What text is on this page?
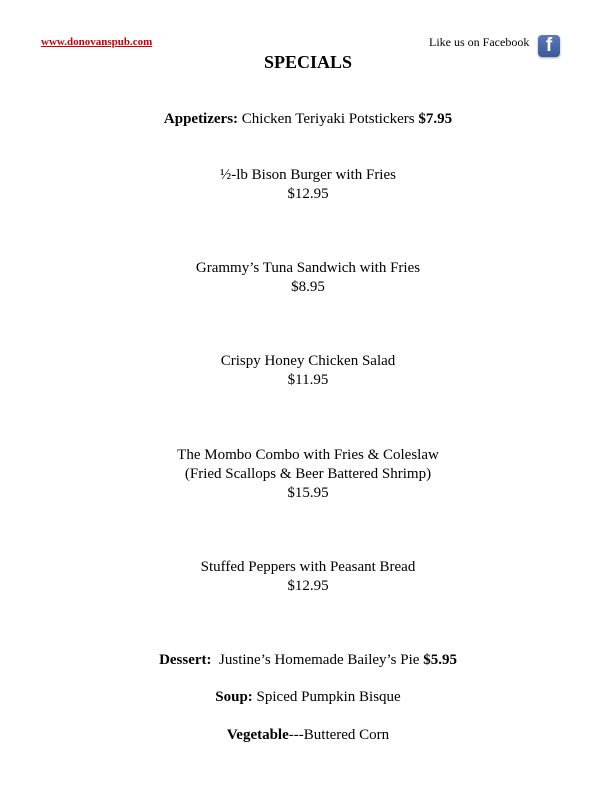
www.donovanspub.com	Like us on Facebook f
SPECIALS
Appetizers: Chicken Teriyaki Potstickers $7.95
½-lb Bison Burger with Fries
$12.95
Grammy’s Tuna Sandwich with Fries
$8.95
Crispy Honey Chicken Salad
$11.95
The Mombo Combo with Fries & Coleslaw
(Fried Scallops & Beer Battered Shrimp)
$15.95
Stuffed Peppers with Peasant Bread
$12.95
Dessert: Justine’s Homemade Bailey’s Pie $5.95
Soup: Spiced Pumpkin Bisque
Vegetable---Buttered Corn
